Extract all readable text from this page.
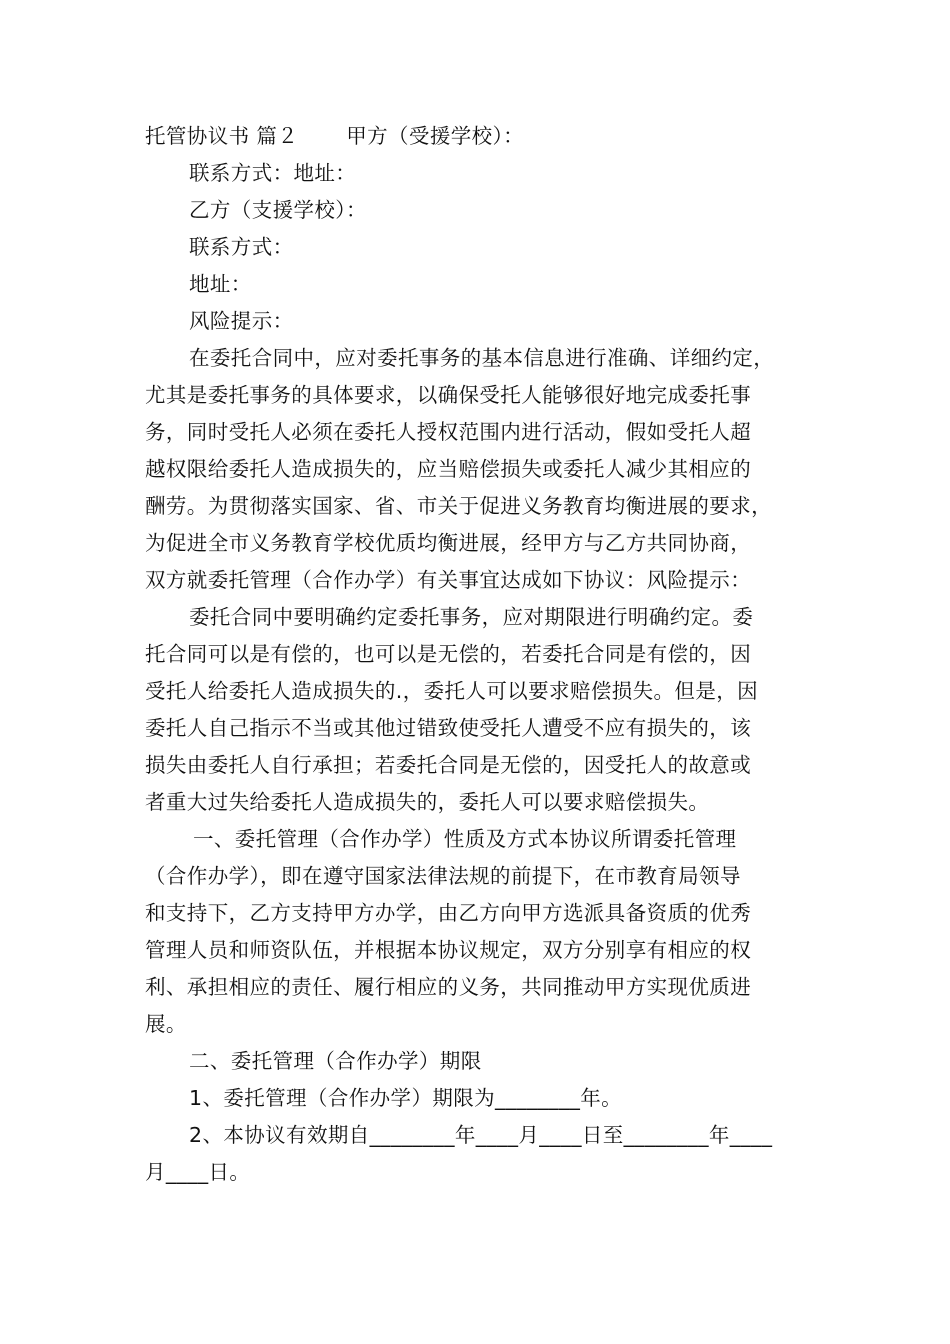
托管协议书 篇２ 甲方（受援学校）：
联系方式：地址：
乙方（支援学校）：
联系方式：
地址：
风险提示：
在委托合同中，应对委托事务的基本信息进行准确、详细约定，
尤其是委托事务的具体要求，以确保受托人能够很好地完成委托事
务，同时受托人必须在委托人授权范围内进行活动，假如受托人超
越权限给委托人造成损失的，应当赔偿损失或委托人减少其相应的
酬劳。为贯彻落实国家、省、市关于促进义务教育均衡进展的要求，
为促进全市义务教育学校优质均衡进展，经甲方与乙方共同协商，
双方就委托管理（合作办学）有关事宜达成如下协议：风险提示：
委托合同中要明确约定委托事务，应对期限进行明确约定。委
托合同可以是有偿的，也可以是无偿的，若委托合同是有偿的，因
受托人给委托人造成损失的.，委托人可以要求赔偿损失。但是，因
委托人自己指示不当或其他过错致使受托人遭受不应有损失的，该
损失由委托人自行承担；若委托合同是无偿的，因受托人的故意或
者重大过失给委托人造成损失的，委托人可以要求赔偿损失。
一、委托管理（合作办学）性质及方式本协议所谓委托管理
（合作办学），即在遵守国家法律法规的前提下，在市教育局领导
和支持下，乙方支持甲方办学，由乙方向甲方选派具备资质的优秀
管理人员和师资队伍，并根据本协议规定，双方分别享有相应的权
利、承担相应的责任、履行相应的义务，共同推动甲方实现优质进
展。
二、委托管理（合作办学）期限
1、委托管理（合作办学）期限为________年。
2、本协议有效期自________年____月____日至________年____
月____日。
